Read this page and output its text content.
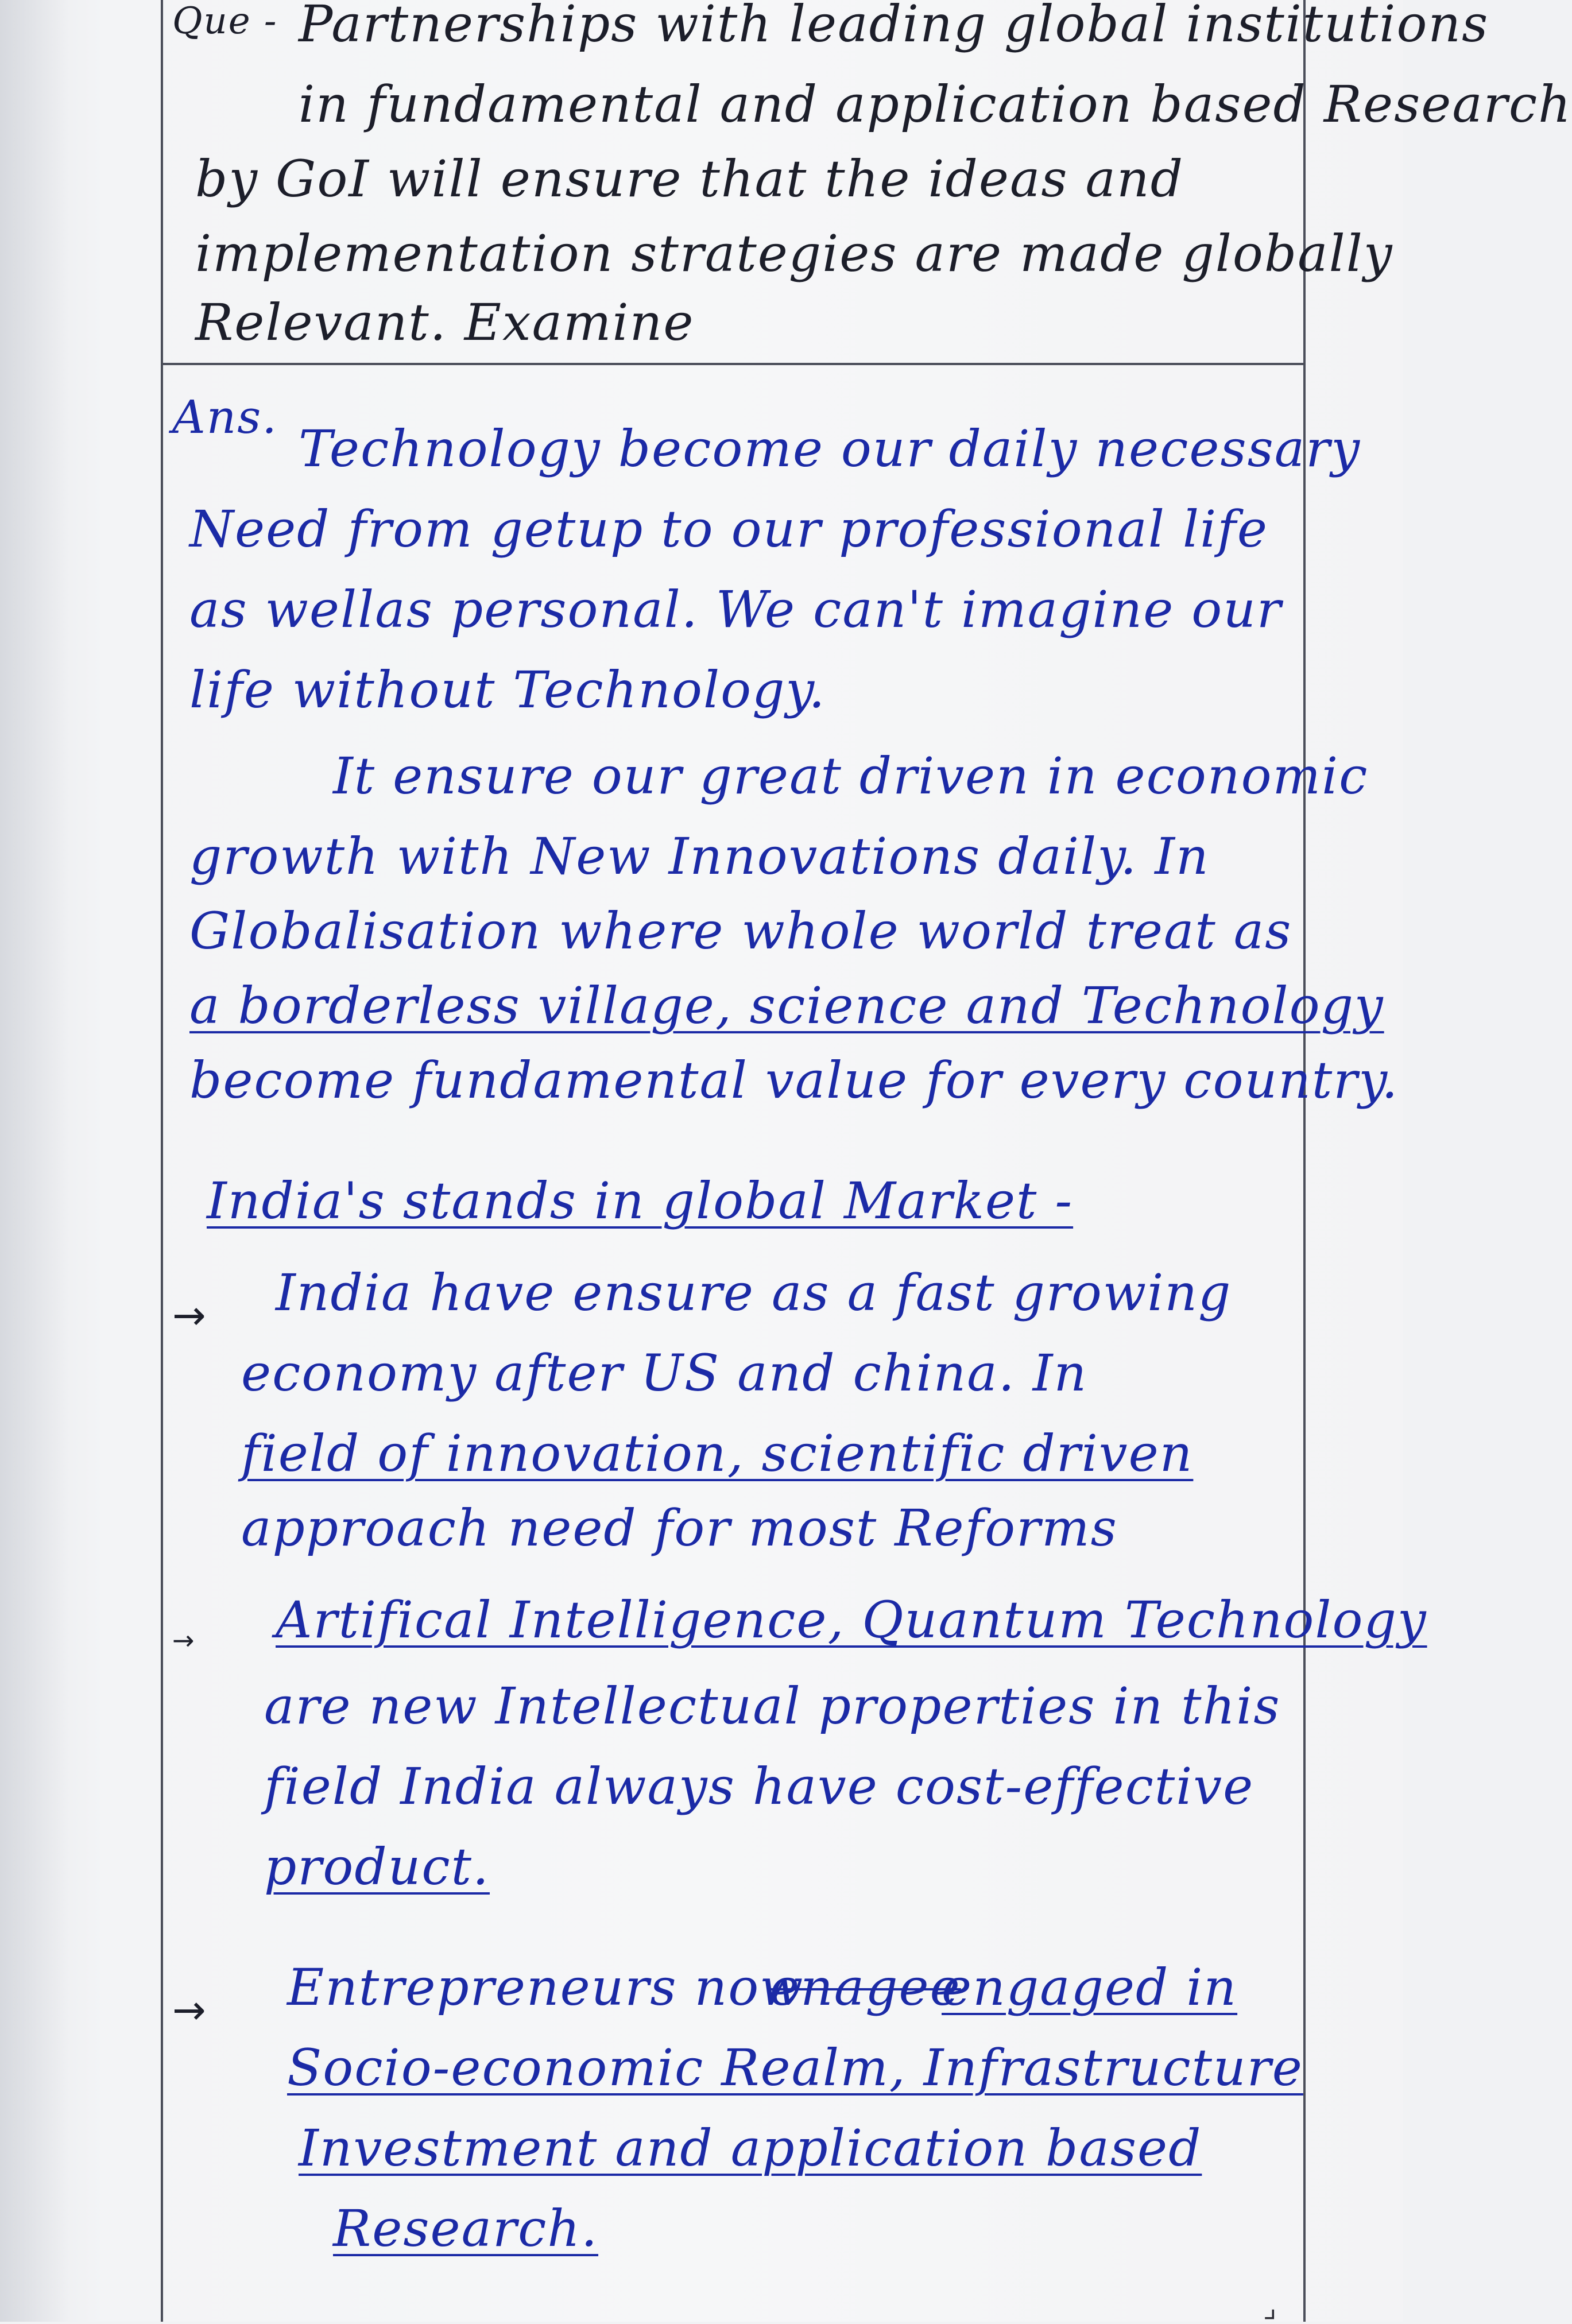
Que - Partnerships with leading global institutions
in fundamental and application based Research
by GoI will ensure that the ideas and
implementation strategies are made globally
Relevant. Examine
Ans.
Technology become our daily necessary
Need from getup to our professional life
as wellas personal. We can't imagine our
life without Technology.
It ensure our great driven in economic
growth with New Innovations daily. In
Globalisation where whole world treat as
a borderless village, science and Technology
become fundamental value for every country.
India's stands in global Market -
→ India have ensure as a fast growing
economy after US and china. In
field of innovation, scientific driven
approach need for most Reforms
→ Artifical Intelligence, Quantum Technology
are new Intellectual properties in this
field India always have cost-effective
product.
→ Entrepreneurs now
enagee
engaged in
Socio-economic Realm, Infrastructure
Investment and application based
Research.
⌟
